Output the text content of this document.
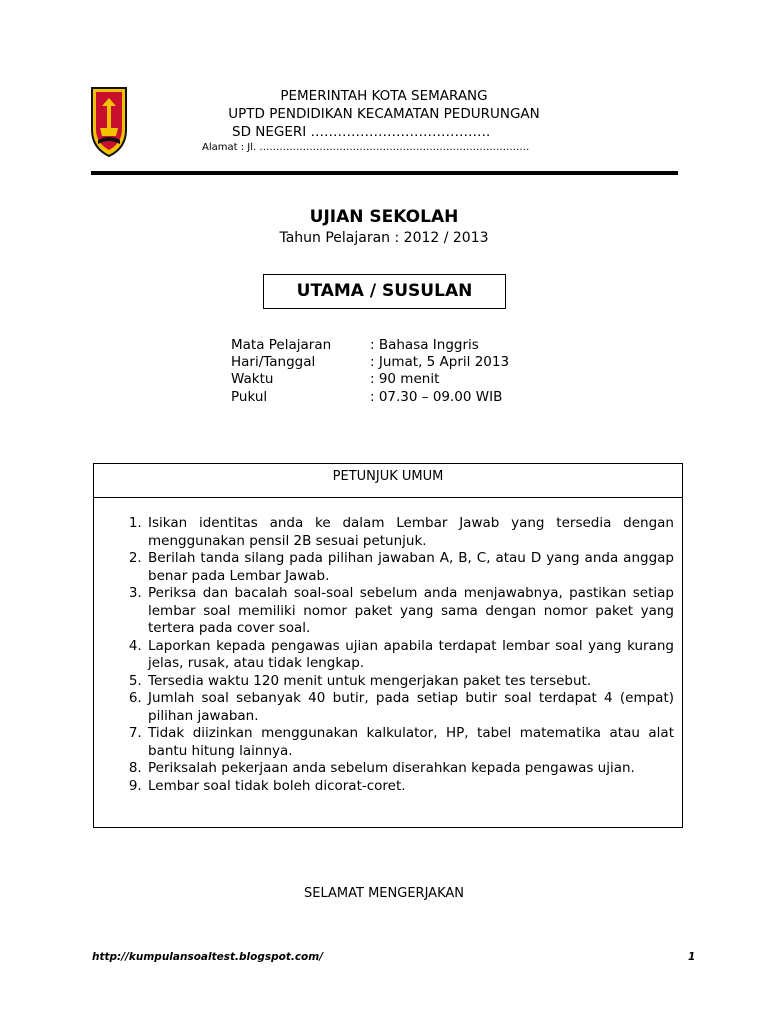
PEMERINTAH KOTA SEMARANG
UPTD PENDIDIKAN KECAMATAN PEDURUNGAN
SD NEGERI ………………………………….
Alamat : Jl. ………………………………………………………………………
UJIAN SEKOLAH
Tahun Pelajaran : 2012 / 2013
UTAMA / SUSULAN
Mata Pelajaran	: Bahasa Inggris
Hari/Tanggal	: Jumat, 5 April 2013
Waktu	: 90 menit
Pukul	: 07.30 – 09.00 WIB
PETUNJUK UMUM
1. Isikan identitas anda ke dalam Lembar Jawab yang tersedia dengan menggunakan pensil 2B sesuai petunjuk.
2. Berilah tanda silang pada pilihan jawaban A, B, C, atau D yang anda anggap benar pada Lembar Jawab.
3. Periksa dan bacalah soal-soal sebelum anda menjawabnya, pastikan setiap lembar soal memiliki nomor paket yang sama dengan nomor paket yang tertera pada cover soal.
4. Laporkan kepada pengawas ujian apabila terdapat lembar soal yang kurang jelas, rusak, atau tidak lengkap.
5. Tersedia waktu 120 menit untuk mengerjakan paket tes tersebut.
6. Jumlah soal sebanyak 40 butir, pada setiap butir soal terdapat 4 (empat) pilihan jawaban.
7. Tidak diizinkan menggunakan kalkulator, HP, tabel matematika atau alat bantu hitung lainnya.
8. Periksalah pekerjaan anda sebelum diserahkan kepada pengawas ujian.
9. Lembar soal tidak boleh dicorat-coret.
SELAMAT MENGERJAKAN
http://kumpulansoaltest.blogspot.com/	1
